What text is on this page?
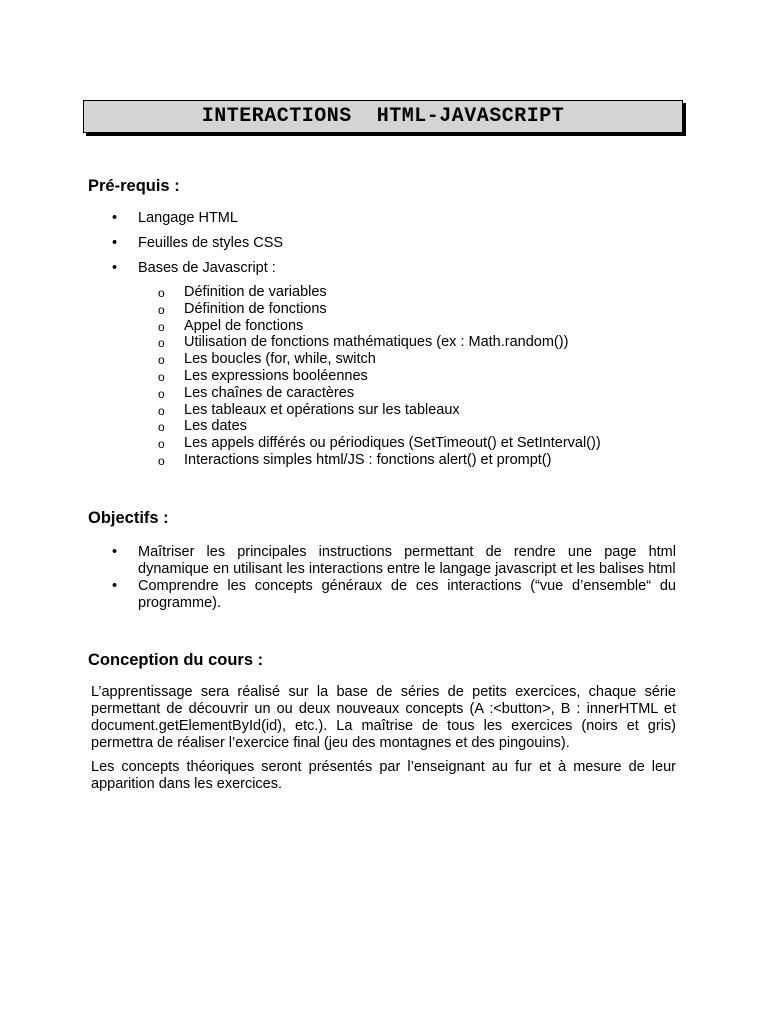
INTERACTIONS  HTML-JAVASCRIPT
Pré-requis :
• Langage HTML
• Feuilles de styles CSS
• Bases de Javascript :
o Définition de variables
o Définition de fonctions
o Appel de fonctions
o Utilisation de fonctions mathématiques (ex : Math.random())
o Les boucles (for, while, switch
o Les expressions booléennes
o Les chaînes de caractères
o Les tableaux et opérations sur les tableaux
o Les dates
o Les appels différés ou périodiques (SetTimeout() et SetInterval())
o Interactions simples html/JS : fonctions alert() et prompt()
Objectifs :
• Maîtriser les principales instructions permettant de rendre une page html dynamique en utilisant les interactions entre le langage javascript et les balises html
• Comprendre les concepts généraux de ces interactions (“vue d’ensemble“ du programme).
Conception du cours :

L’apprentissage sera réalisé sur la base de séries de petits exercices, chaque série permettant de découvrir un ou deux nouveaux concepts (A :<button>, B : innerHTML et document.getElementById(id), etc.). La maîtrise de tous les exercices (noirs et gris) permettra de réaliser l’exercice final (jeu des montagnes et des pingouins).

Les concepts théoriques seront présentés par l’enseignant au fur et à mesure de leur apparition dans les exercices.
